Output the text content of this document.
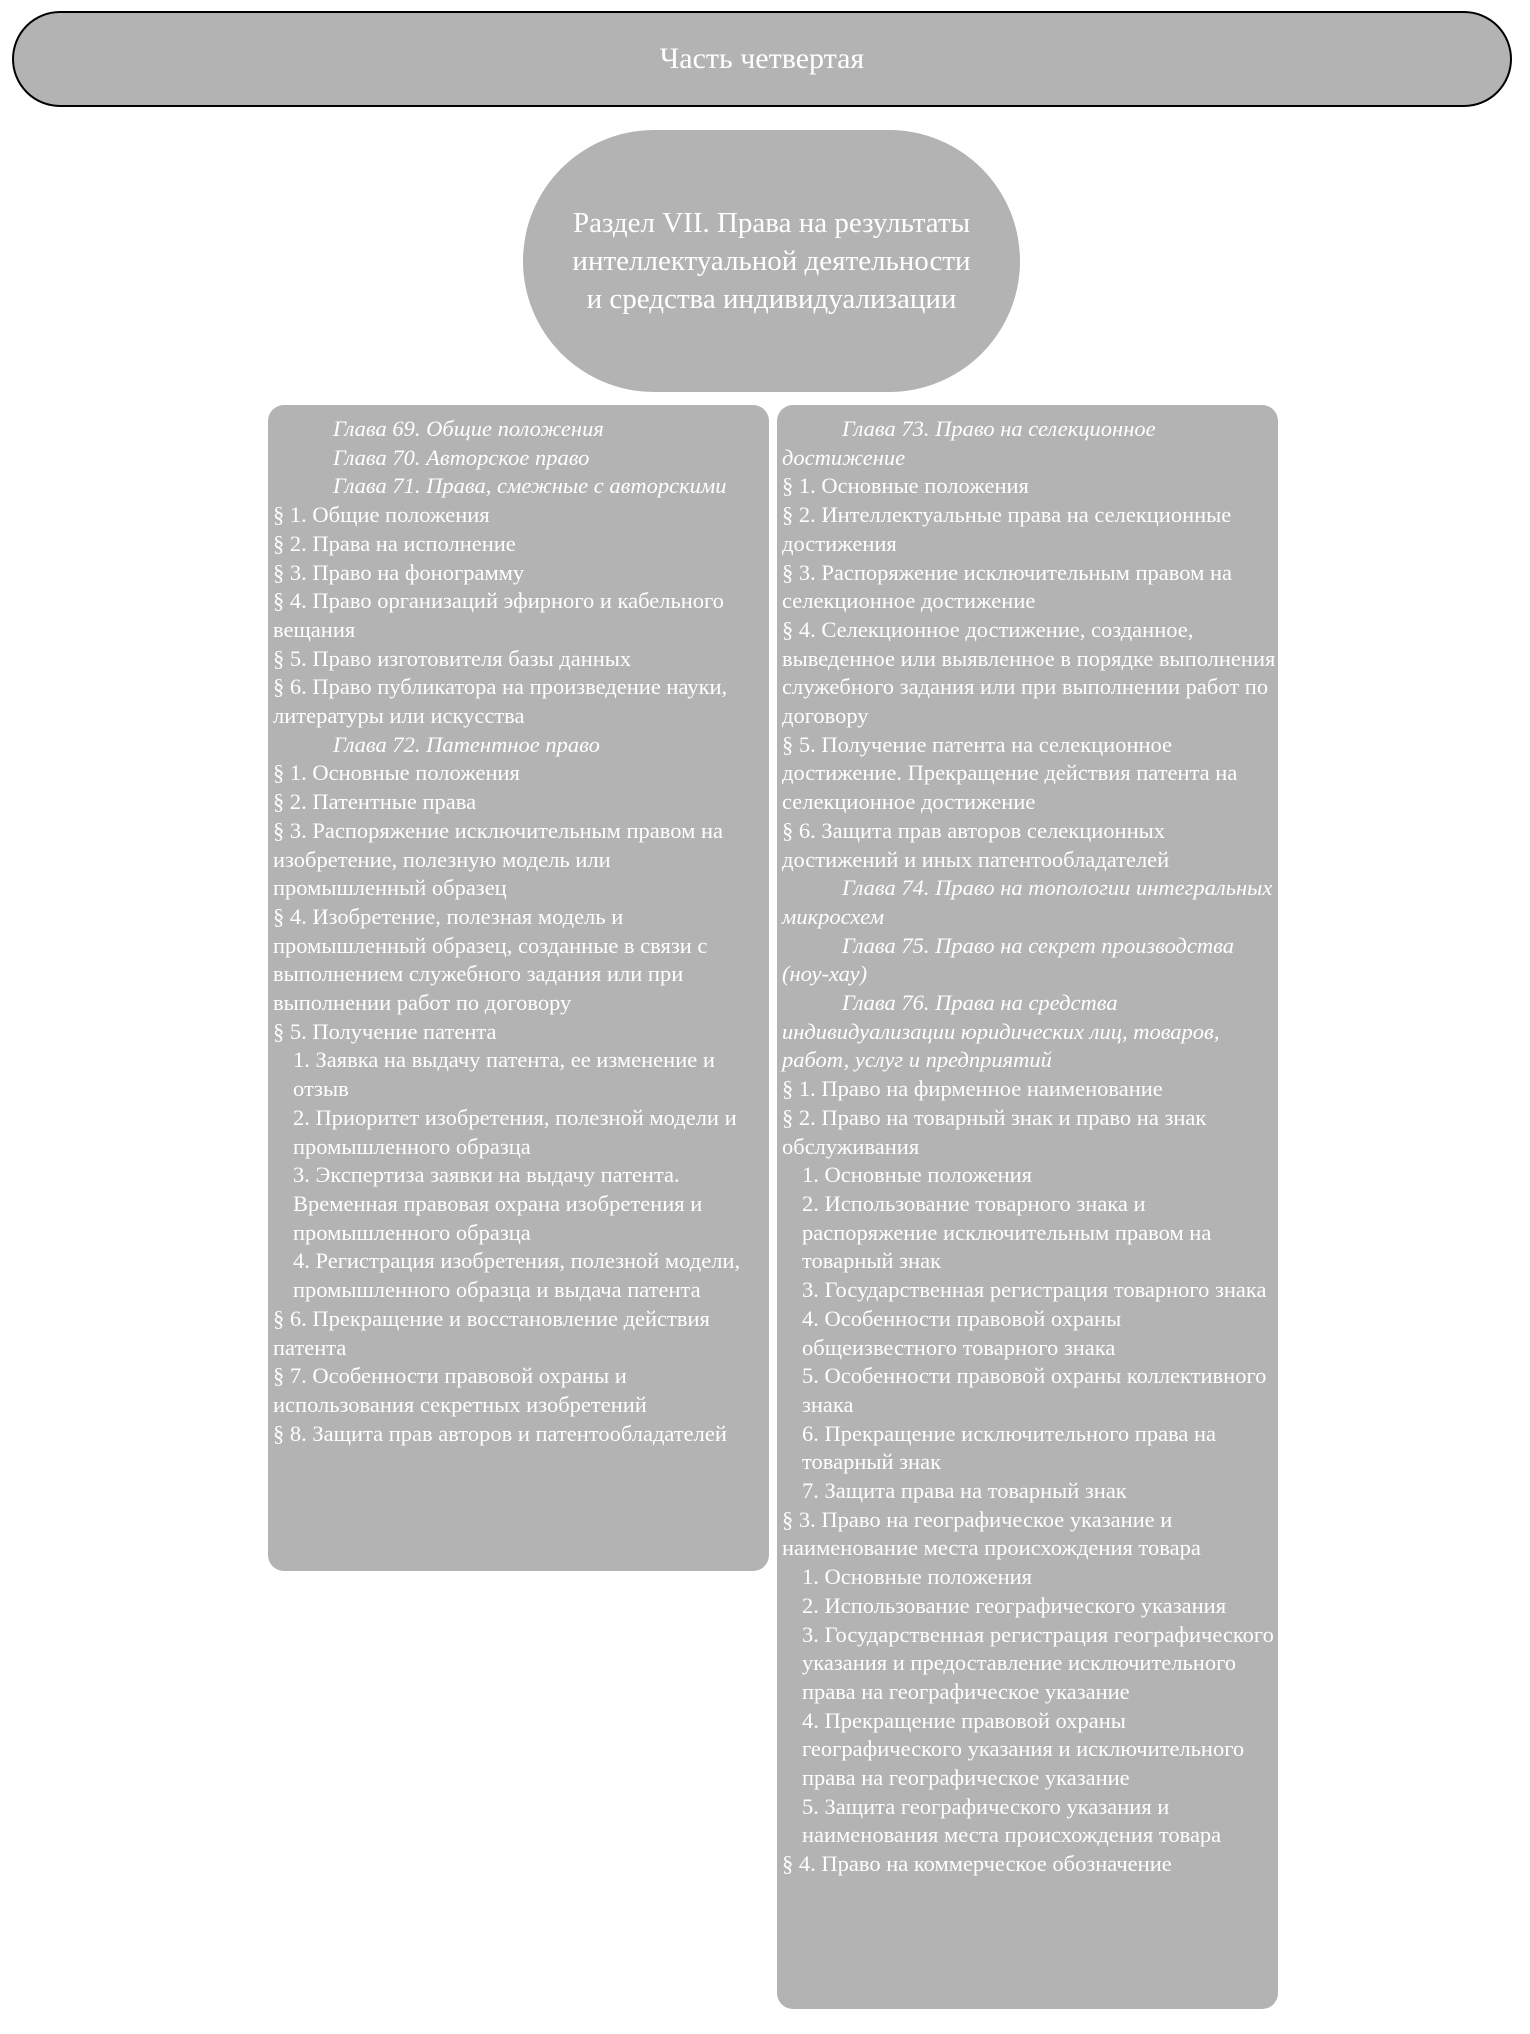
Часть четвертая
Раздел VII. Права на результаты интеллектуальной деятельности и средства индивидуализации
Глава 69. Общие положения
Глава 70. Авторское право
Глава 71. Права, смежные с авторскими
§ 1. Общие положения
§ 2. Права на исполнение
§ 3. Право на фонограмму
§ 4. Право организаций эфирного и кабельного вещания
§ 5. Право изготовителя базы данных
§ 6. Право публикатора на произведение науки, литературы или искусства
Глава 72. Патентное право
§ 1. Основные положения
§ 2. Патентные права
§ 3. Распоряжение исключительным правом на изобретение, полезную модель или промышленный образец
§ 4. Изобретение, полезная модель и промышленный образец, созданные в связи с выполнением служебного задания или при выполнении работ по договору
§ 5. Получение патента
1. Заявка на выдачу патента, ее изменение и отзыв
2. Приоритет изобретения, полезной модели и промышленного образца
3. Экспертиза заявки на выдачу патента. Временная правовая охрана изобретения и промышленного образца
4. Регистрация изобретения, полезной модели, промышленного образца и выдача патента
§ 6. Прекращение и восстановление действия патента
§ 7. Особенности правовой охраны и использования секретных изобретений
§ 8. Защита прав авторов и патентообладателей
Глава 73. Право на селекционное достижение
§ 1. Основные положения
§ 2. Интеллектуальные права на селекционные достижения
§ 3. Распоряжение исключительным правом на селекционное достижение
§ 4. Селекционное достижение, созданное, выведенное или выявленное в порядке выполнения служебного задания или при выполнении работ по договору
§ 5. Получение патента на селекционное достижение. Прекращение действия патента на селекционное достижение
§ 6. Защита прав авторов селекционных достижений и иных патентообладателей
Глава 74. Право на топологии интегральных микросхем
Глава 75. Право на секрет производства (ноу-хау)
Глава 76. Права на средства индивидуализации юридических лиц, товаров, работ, услуг и предприятий
§ 1. Право на фирменное наименование
§ 2. Право на товарный знак и право на знак обслуживания
1. Основные положения
2. Использование товарного знака и распоряжение исключительным правом на товарный знак
3. Государственная регистрация товарного знака
4. Особенности правовой охраны общеизвестного товарного знака
5. Особенности правовой охраны коллективного знака
6. Прекращение исключительного права на товарный знак
7. Защита права на товарный знак
§ 3. Право на географическое указание и наименование места происхождения товара
1. Основные положения
2. Использование географического указания
3. Государственная регистрация географического указания и предоставление исключительного права на географическое указание
4. Прекращение правовой охраны географического указания и исключительного права на географическое указание
5. Защита географического указания и наименования места происхождения товара
§ 4. Право на коммерческое обозначение
